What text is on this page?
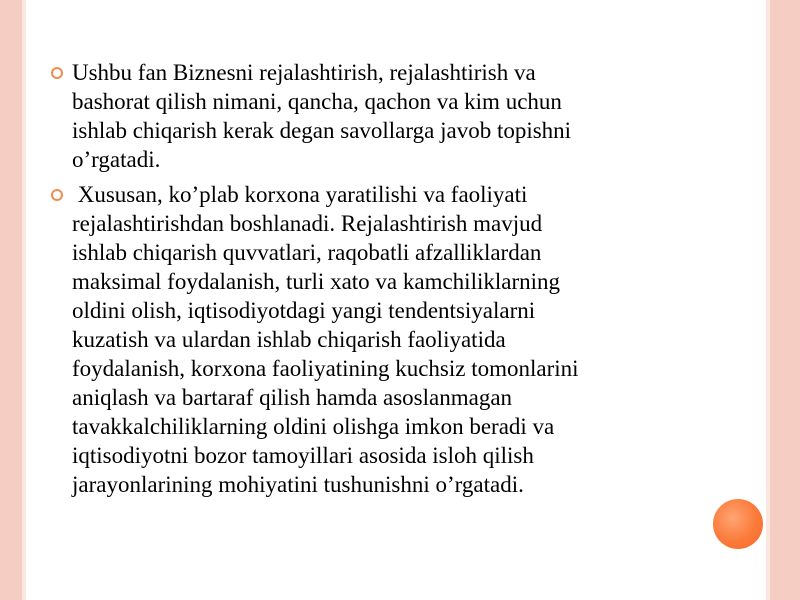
Ushbu fan Biznesni rejalashtirish, rejalashtirish va
bashorat qilish nimani, qancha, qachon va kim uchun
ishlab chiqarish kerak degan savollarga javob topishni
o’rgatadi.

Xususan, ko’plab korxona yaratilishi va faoliyati
rejalashtirishdan boshlanadi. Rejalashtirish mavjud
ishlab chiqarish quvvatlari, raqobatli afzalliklardan
maksimal foydalanish, turli xato va kamchiliklarning
oldini olish, iqtisodiyotdagi yangi tendentsiyalarni
kuzatish va ulardan ishlab chiqarish faoliyatida
foydalanish, korxona faoliyatining kuchsiz tomonlarini
aniqlash va bartaraf qilish hamda asoslanmagan
tavakkalchiliklarning oldini olishga imkon beradi va
iqtisodiyotni bozor tamoyillari asosida isloh qilish
jarayonlarining mohiyatini tushunishni o’rgatadi.
